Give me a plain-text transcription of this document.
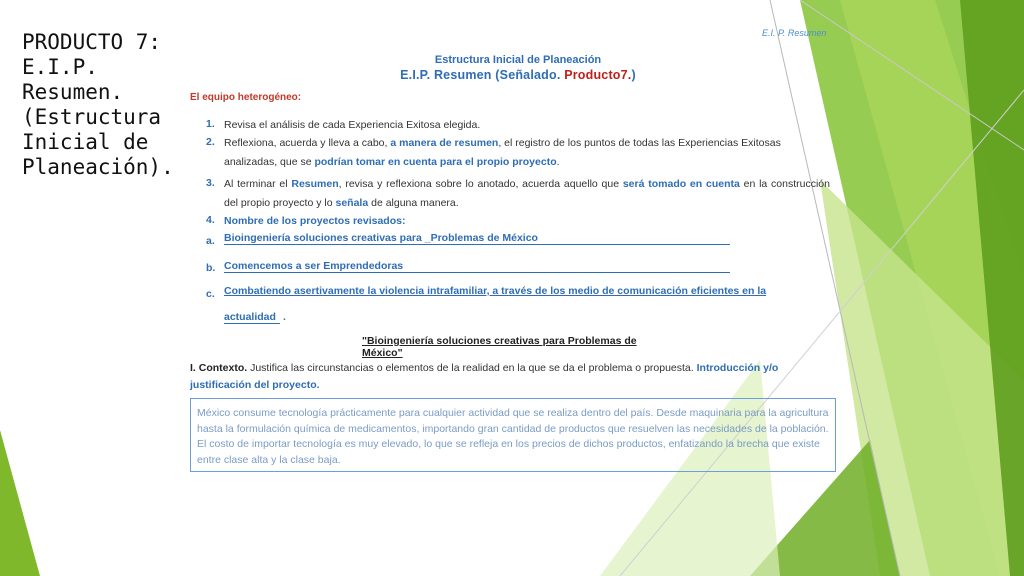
PRODUCTO 7:
E.I.P.
Resumen.
(Estructura
Inicial de
Planeación).
E.I. P. Resumen
Estructura Inicial de Planeación
E.I.P. Resumen (Señalado. Producto7.)
El equipo heterogéneo:
1. Revisa el análisis de cada Experiencia Exitosa elegida.
2. Reflexiona, acuerda y lleva a cabo, a manera de resumen, el registro de los puntos de todas las Experiencias Exitosas analizadas, que se podrían tomar en cuenta para el propio proyecto.
3. Al terminar el Resumen, revisa y reflexiona sobre lo anotado, acuerda aquello que será tomado en cuenta en la construcción del propio proyecto y lo señala de alguna manera.
4. Nombre de los proyectos revisados:
a. Bioingeniería soluciones creativas para _Problemas de México
b. Comencemos a ser Emprendedoras
c. Combatiendo asertivamente la violencia intrafamiliar, a través de los medio de comunicación eficientes en la
actualidad .
"Bioingeniería soluciones creativas para Problemas de México"
I. Contexto. Justifica las circunstancias o elementos de la realidad en la que se da el problema o propuesta. Introducción y/o justificación del proyecto.
México consume tecnología prácticamente para cualquier actividad que se realiza dentro del país. Desde maquinaria para la agricultura hasta la formulación química de medicamentos, importando gran cantidad de productos que resuelven las necesidades de la población. El costo de importar tecnología es muy elevado, lo que se refleja en los precios de dichos productos, enfatizando la brecha que existe entre clase alta y la clase baja.
